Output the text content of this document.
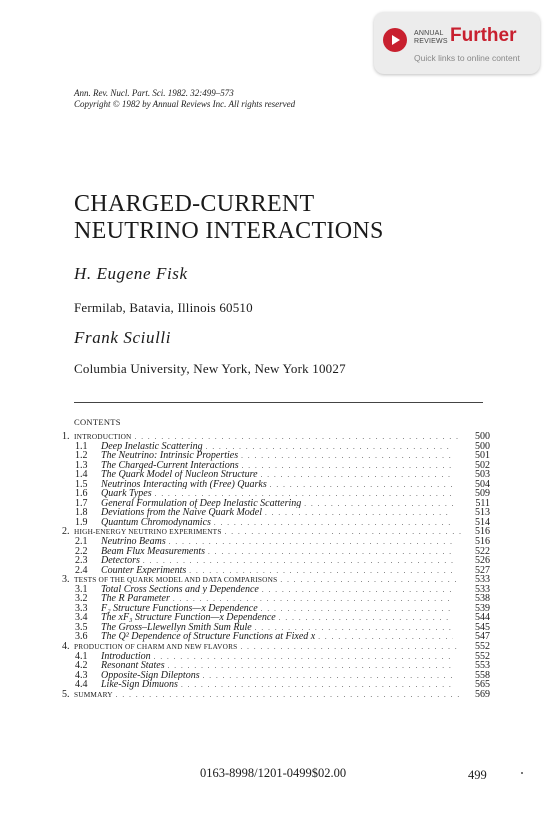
ANNUAL REVIEWS Further
Quick links to online content
Ann. Rev. Nucl. Part. Sci. 1982. 32:499–573
Copyright © 1982 by Annual Reviews Inc. All rights reserved
CHARGED-CURRENT
NEUTRINO INTERACTIONS
H. Eugene Fisk
Fermilab, Batavia, Illinois 60510
Frank Sciulli
Columbia University, New York, New York 10027
CONTENTS
1. INTRODUCTION . . .	500
1.1	Deep Inelastic Scattering . . .	500
1.2	The Neutrino: Intrinsic Properties . . .	501
1.3	The Charged-Current Interactions . . .	502
1.4	The Quark Model of Nucleon Structure . . .	503
1.5	Neutrinos Interacting with (Free) Quarks . . .	504
1.6	Quark Types . . .	509
1.7	General Formulation of Deep Inelastic Scattering . . .	511
1.8	Deviations from the Naive Quark Model . . .	513
1.9	Quantum Chromodynamics . . .	514
2. HIGH-ENERGY NEUTRINO EXPERIMENTS . . .	516
2.1	Neutrino Beams . . .	516
2.2	Beam Flux Measurements . . .	522
2.3	Detectors . . .	526
2.4	Counter Experiments . . .	527
3. TESTS OF THE QUARK MODEL AND DATA COMPARISONS . . .	533
3.1	Total Cross Sections and y Dependence . . .	533
3.2	The R Parameter . . .	538
3.3	F₂ Structure Functions—x Dependence . . .	539
3.4	The xF₃ Structure Function—x Dependence . . .	544
3.5	The Gross–Llewellyn Smith Sum Rule . . .	545
3.6	The Q² Dependence of Structure Functions at Fixed x . . .	547
4. PRODUCTION OF CHARM AND NEW FLAVORS . . .	552
4.1	Introduction . . .	552
4.2	Resonant States . . .	553
4.3	Opposite-Sign Dileptons . . .	558
4.4	Like-Sign Dimuons . . .	565
5. SUMMARY . . .	569
0163-8998/1201-0499$02.00	499
